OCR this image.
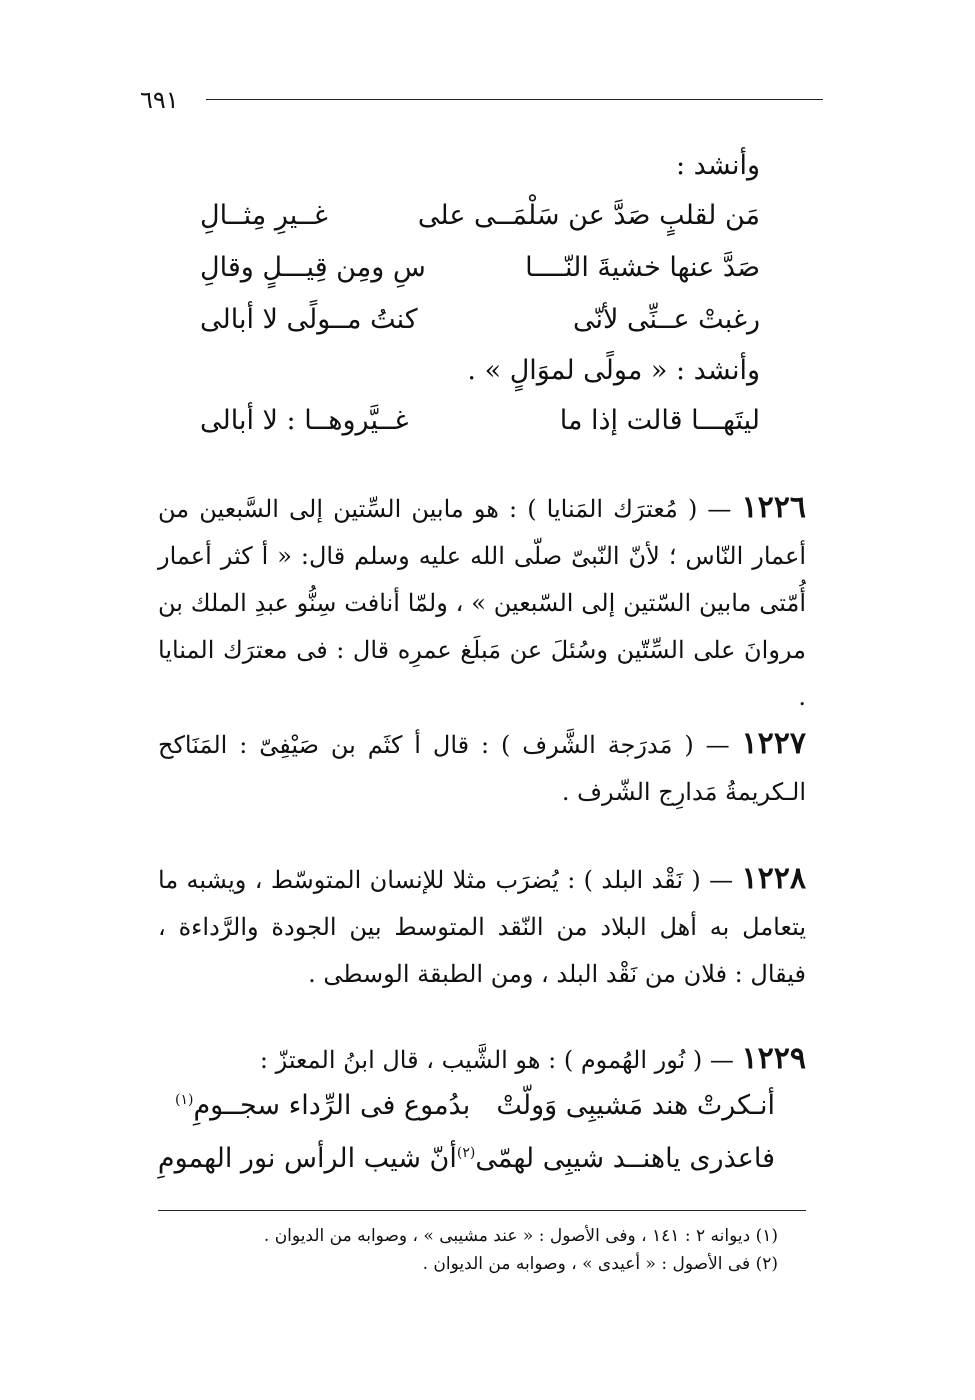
٦٩١
وأنشد :
مَن لقلبٍ صَدَّ عن سَلْمَــى على
غــيرِ مِثــالِ
صَدَّ عنها خشيةَ النّــــا
سِ ومِن قِيـــلٍ وقالِ
رغبتْ عــنِّى لأنّى
كنتُ مــولًى لا أبالى
وأنشد : « مولًى لموَالٍ » .
ليتَهـــا قالت إذا ما
غــيَّروهــا : لا أبالى
١٢٢٦ — ( مُعترَك المَنايا ) : هو مابين السِّتين إلى السَّبعين من أعمار النّاس ؛ لأنّ النّبىّ صلّى الله عليه وسلم قال: « أ كثر أعمار أُمّتى مابين السّتين إلى السّبعين » ، ولمّا أنافت سِنُّو عبدِ الملك بن مروانَ على السِّتّين وسُئلَ عن مَبلَغ عمرِه قال : فى معترَك المنايا .
١٢٢٧ — ( مَدرَجة الشَّرف ) : قال أ كثَم بن صَيْفِىّ : المَنَاكح الـكريمةُ مَدارِج الشّرف .
١٢٢٨ — ( نَقْد البلد ) : يُضرَب مثلا للإنسان المتوسّط ، ويشبه ما يتعامل به أهل البلاد من النّقد المتوسط بين الجودة والرَّداءة ، فيقال : فلان من نَقْد البلد ، ومن الطبقة الوسطى .
١٢٢٩ — ( نُور الهُموم ) : هو الشَّيب ، قال ابنُ المعتزّ :
أنـكرتْ هند مَشيبِى وَولّتْ
بدُموع فى الرِّداء سجــومِ$^{(١)}$
فاعذرى ياهنــد شيبِى لهمّى$^{(٢)}$
أنّ شيب الرأس نور الهمومِ
(١) ديوانه ٢ : ١٤١ ، وفى الأصول : « عند مشيبى » ، وصوابه من الديوان .
(٢) فى الأصول : « أعيدى » ، وصوابه من الديوان .
